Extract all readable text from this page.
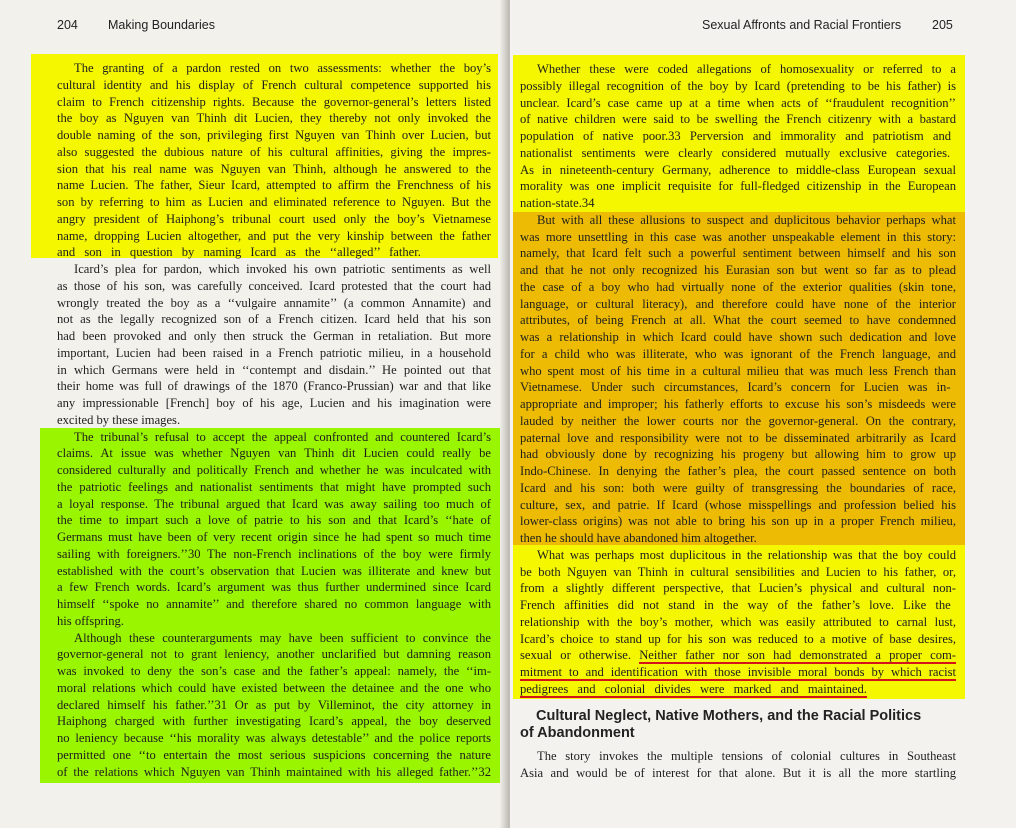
204 Making Boundaries
The granting of a pardon rested on two assessments: whether the boy’s
cultural identity and his display of French cultural competence supported his
claim to French citizenship rights. Because the governor-general’s letters listed
the boy as Nguyen van Thinh dit Lucien, they thereby not only invoked the
double naming of the son, privileging first Nguyen van Thinh over Lucien, but
also suggested the dubious nature of his cultural affinities, giving the impres-
sion that his real name was Nguyen van Thinh, although he answered to the
name Lucien. The father, Sieur Icard, attempted to affirm the Frenchness of his
son by referring to him as Lucien and eliminated reference to Nguyen. But the
angry president of Haiphong’s tribunal court used only the boy’s Vietnamese
name, dropping Lucien altogether, and put the very kinship between the father
and son in question by naming Icard as the ‘‘alleged’’ father.
Icard’s plea for pardon, which invoked his own patriotic sentiments as well
as those of his son, was carefully conceived. Icard protested that the court had
wrongly treated the boy as a ‘‘vulgaire annamite’’ (a common Annamite) and
not as the legally recognized son of a French citizen. Icard held that his son
had been provoked and only then struck the German in retaliation. But more
important, Lucien had been raised in a French patriotic milieu, in a household
in which Germans were held in ‘‘contempt and disdain.’’ He pointed out that
their home was full of drawings of the 1870 (Franco-Prussian) war and that like
any impressionable [French] boy of his age, Lucien and his imagination were
excited by these images.
The tribunal’s refusal to accept the appeal confronted and countered Icard’s
claims. At issue was whether Nguyen van Thinh dit Lucien could really be
considered culturally and politically French and whether he was inculcated with
the patriotic feelings and nationalist sentiments that might have prompted such
a loyal response. The tribunal argued that Icard was away sailing too much of
the time to impart such a love of patrie to his son and that Icard’s ‘‘hate of
Germans must have been of very recent origin since he had spent so much time
sailing with foreigners.’’30 The non-French inclinations of the boy were firmly
established with the court’s observation that Lucien was illiterate and knew but
a few French words. Icard’s argument was thus further undermined since Icard
himself ‘‘spoke no annamite’’ and therefore shared no common language with
his offspring.
Although these counterarguments may have been sufficient to convince the
governor-general not to grant leniency, another unclarified but damning reason
was invoked to deny the son’s case and the father’s appeal: namely, the ‘‘im-
moral relations which could have existed between the detainee and the one who
declared himself his father.’’31 Or as put by Villeminot, the city attorney in
Haiphong charged with further investigating Icard’s appeal, the boy deserved
no leniency because ‘‘his morality was always detestable’’ and the police reports
permitted one ‘‘to entertain the most serious suspicions concerning the nature
of the relations which Nguyen van Thinh maintained with his alleged father.’’32
Sexual Affronts and Racial Frontiers 205
Whether these were coded allegations of homosexuality or referred to a
possibly illegal recognition of the boy by Icard (pretending to be his father) is
unclear. Icard’s case came up at a time when acts of ‘‘fraudulent recognition’’
of native children were said to be swelling the French citizenry with a bastard
population of native poor.33 Perversion and immorality and patriotism and
nationalist sentiments were clearly considered mutually exclusive categories.
As in nineteenth-century Germany, adherence to middle-class European sexual
morality was one implicit requisite for full-fledged citizenship in the European
nation-state.34
But with all these allusions to suspect and duplicitous behavior perhaps what
was more unsettling in this case was another unspeakable element in this story:
namely, that Icard felt such a powerful sentiment between himself and his son
and that he not only recognized his Eurasian son but went so far as to plead
the case of a boy who had virtually none of the exterior qualities (skin tone,
language, or cultural literacy), and therefore could have none of the interior
attributes, of being French at all. What the court seemed to have condemned
was a relationship in which Icard could have shown such dedication and love
for a child who was illiterate, who was ignorant of the French language, and
who spent most of his time in a cultural milieu that was much less French than
Vietnamese. Under such circumstances, Icard’s concern for Lucien was in-
appropriate and improper; his fatherly efforts to excuse his son’s misdeeds were
lauded by neither the lower courts nor the governor-general. On the contrary,
paternal love and responsibility were not to be disseminated arbitrarily as Icard
had obviously done by recognizing his progeny but allowing him to grow up
Indo-Chinese. In denying the father’s plea, the court passed sentence on both
Icard and his son: both were guilty of transgressing the boundaries of race,
culture, sex, and patrie. If Icard (whose misspellings and profession belied his
lower-class origins) was not able to bring his son up in a proper French milieu,
then he should have abandoned him altogether.
What was perhaps most duplicitous in the relationship was that the boy could
be both Nguyen van Thinh in cultural sensibilities and Lucien to his father, or,
from a slightly different perspective, that Lucien’s physical and cultural non-
French affinities did not stand in the way of the father’s love. Like the
relationship with the boy’s mother, which was easily attributed to carnal lust,
Icard’s choice to stand up for his son was reduced to a motive of base desires,
sexual or otherwise. Neither father nor son had demonstrated a proper com-
mitment to and identification with those invisible moral bonds by which racist
pedigrees and colonial divides were marked and maintained.
Cultural Neglect, Native Mothers, and the Racial Politics
of Abandonment
The story invokes the multiple tensions of colonial cultures in Southeast
Asia and would be of interest for that alone. But it is all the more startling
